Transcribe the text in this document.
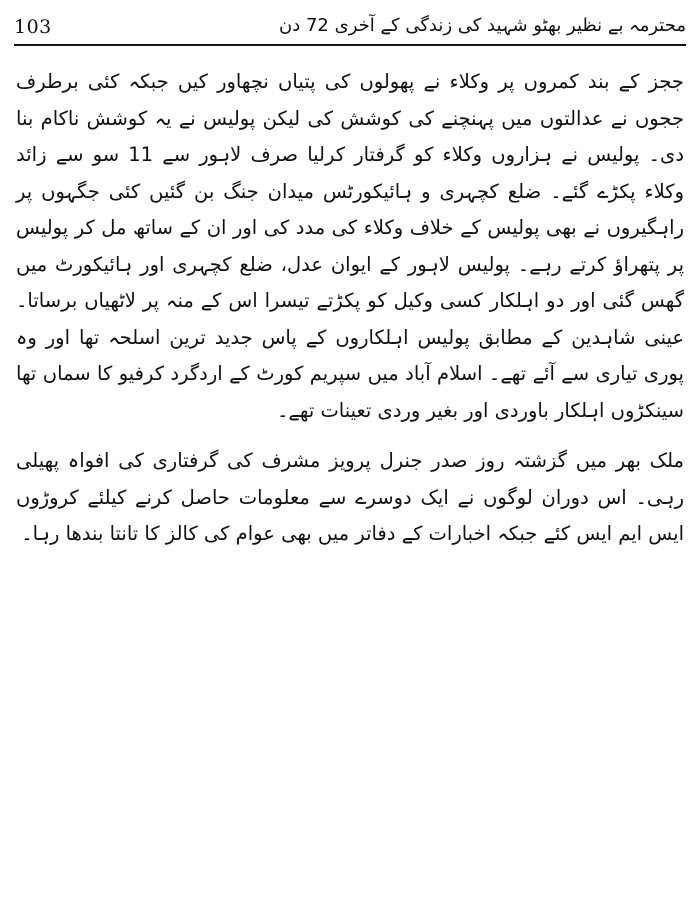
103	محترمہ بے نظیر بھٹو شہید کی زندگی کے آخری 72 دن

ججز کے بند کمروں پر وکلاء نے پھولوں کی پتیاں نچھاور کیں جبکہ کئی برطرف ججوں نے عدالتوں میں پہنچنے کی کوشش کی لیکن پولیس نے یہ کوشش ناکام بنا دی۔ پولیس نے ہزاروں وکلاء کو گرفتار کرلیا صرف لاہور سے 11 سو سے زائد وکلاء پکڑے گئے۔ ضلع کچہری و ہائیکورٹس میدان جنگ بن گئیں کئی جگہوں پر راہگیروں نے بھی پولیس کے خلاف وکلاء کی مدد کی اور ان کے ساتھ مل کر پولیس پر پتھراؤ کرتے رہے۔ پولیس لاہور کے ایوان عدل، ضلع کچہری اور ہائیکورٹ میں گھس گئی اور دو اہلکار کسی وکیل کو پکڑتے تیسرا اس کے منہ پر لاٹھیاں برساتا۔ عینی شاہدین کے مطابق پولیس اہلکاروں کے پاس جدید ترین اسلحہ تھا اور وہ پوری تیاری سے آئے تھے۔ اسلام آباد میں سپریم کورٹ کے اردگرد کرفیو کا سماں تھا سینکڑوں اہلکار باوردی اور بغیر وردی تعینات تھے۔

ملک بھر میں گزشتہ روز صدر جنرل پرویز مشرف کی گرفتاری کی افواہ پھیلی رہی۔ اس دوران لوگوں نے ایک دوسرے سے معلومات حاصل کرنے کیلئے کروڑوں ایس ایم ایس کئے جبکہ اخبارات کے دفاتر میں بھی عوام کی کالز کا تانتا بندھا رہا۔
